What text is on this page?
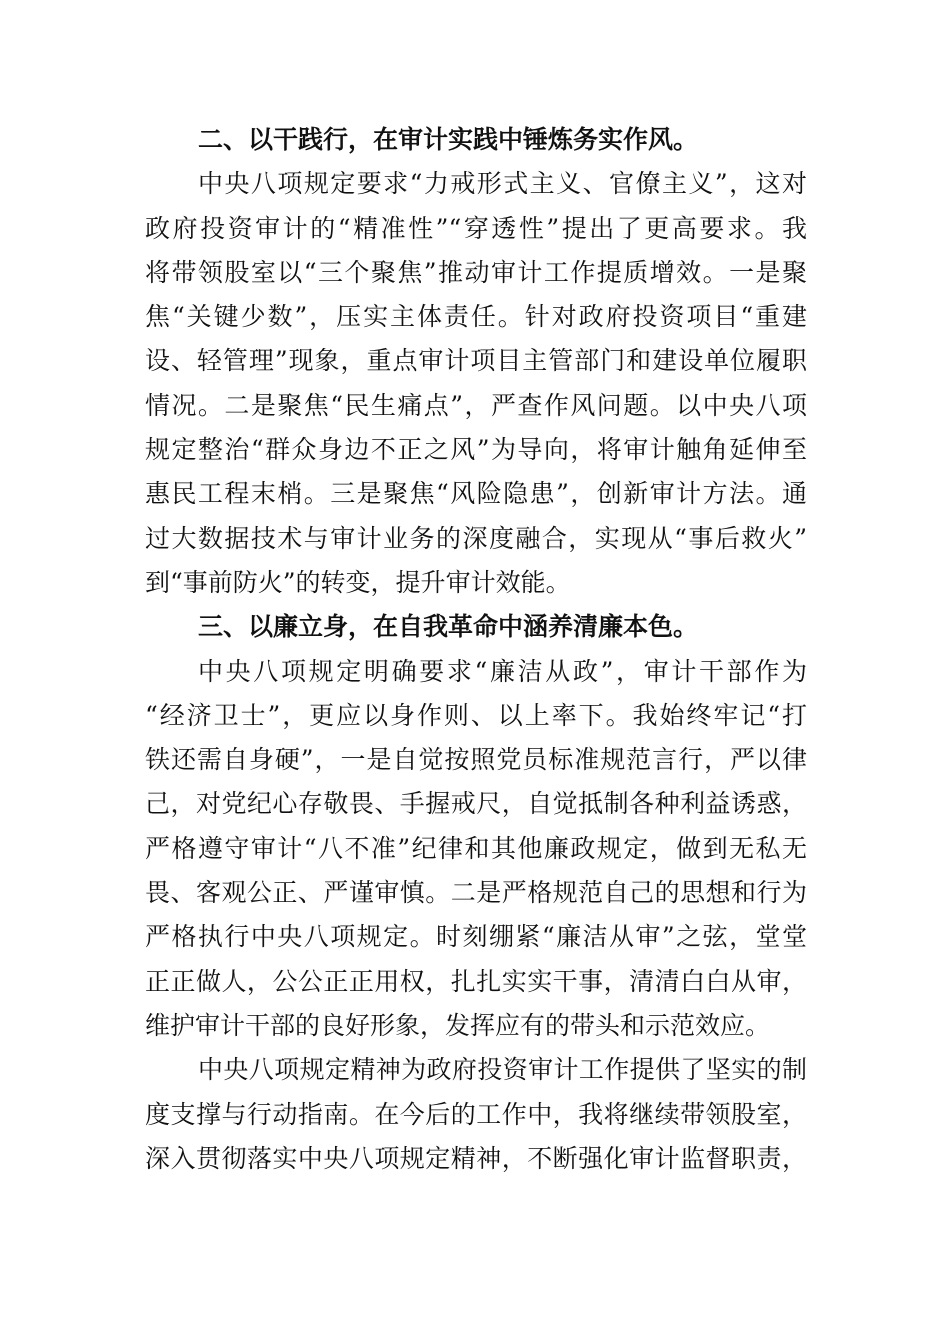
二、以干践行，在审计实践中锤炼务实作风。
中央八项规定要求“力戒形式主义、官僚主义”，这对
政府投资审计的“精准性”“穿透性”提出了更高要求。我
将带领股室以“三个聚焦”推动审计工作提质增效。一是聚
焦“关键少数”，压实主体责任。针对政府投资项目“重建
设、轻管理”现象，重点审计项目主管部门和建设单位履职
情况。二是聚焦“民生痛点”，严查作风问题。以中央八项
规定整治“群众身边不正之风”为导向，将审计触角延伸至
惠民工程末梢。三是聚焦“风险隐患”，创新审计方法。通
过大数据技术与审计业务的深度融合，实现从“事后救火”
到“事前防火”的转变，提升审计效能。
三、以廉立身，在自我革命中涵养清廉本色。
中央八项规定明确要求“廉洁从政”，审计干部作为
“经济卫士”，更应以身作则、以上率下。我始终牢记“打
铁还需自身硬”，一是自觉按照党员标准规范言行，严以律
己，对党纪心存敬畏、手握戒尺，自觉抵制各种利益诱惑，
严格遵守审计“八不准”纪律和其他廉政规定，做到无私无
畏、客观公正、严谨审慎。二是严格规范自己的思想和行为
严格执行中央八项规定。时刻绷紧“廉洁从审”之弦，堂堂
正正做人，公公正正用权，扎扎实实干事，清清白白从审，
维护审计干部的良好形象，发挥应有的带头和示范效应。
中央八项规定精神为政府投资审计工作提供了坚实的制
度支撑与行动指南。在今后的工作中，我将继续带领股室，
深入贯彻落实中央八项规定精神，不断强化审计监督职责，
